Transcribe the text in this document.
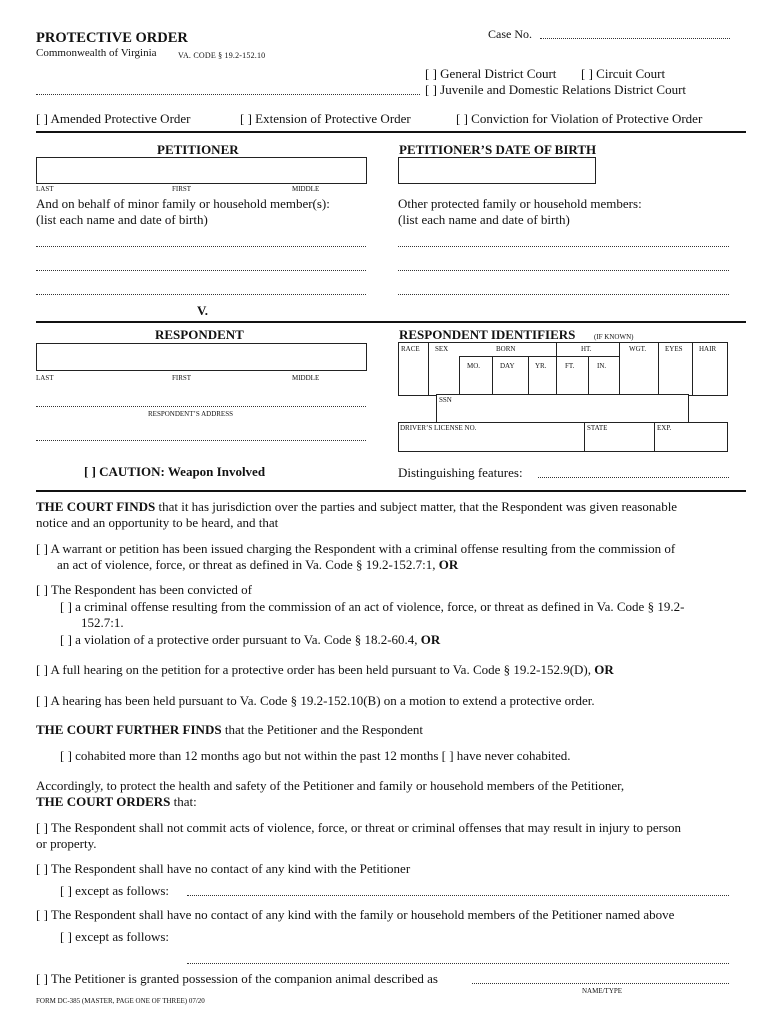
PROTECTIVE ORDER
Commonwealth of Virginia	VA. CODE § 19.2-152.10
Case No.
[ ] General District Court [ ] Circuit Court
[ ] Juvenile and Domestic Relations District Court
[ ] Amended Protective Order	[ ] Extension of Protective Order	[ ] Conviction for Violation of Protective Order
PETITIONER	PETITIONER’S DATE OF BIRTH
LAST	FIRST	MIDDLE
And on behalf of minor family or household member(s):
(list each name and date of birth)
Other protected family or household members:
(list each name and date of birth)
V.
RESPONDENT
LAST	FIRST	MIDDLE
RESPONDENT’S ADDRESS
[ ] CAUTION: Weapon Involved
RESPONDENT IDENTIFIERS	(IF KNOWN)
RACE SEX	BORN	HT.	WGT.	EYES HAIR
MO.	DAY	YR.	FT.	IN.
SSN
DRIVER’S LICENSE NO.	STATE	EXP.
Distinguishing features:

THE COURT FINDS that it has jurisdiction over the parties and subject matter, that the Respondent was given reasonable

notice and an opportunity to be heard, and that

[ ] A warrant or petition has been issued charging the Respondent with a criminal offense resulting from the commission of

an act of violence, force, or threat as defined in Va. Code § 19.2-152.7:1, OR

[ ] The Respondent has been convicted of

[ ] a criminal offense resulting from the commission of an act of violence, force, or threat as defined in Va. Code § 19.2-

152.7:1.

[ ] a violation of a protective order pursuant to Va. Code § 18.2-60.4, OR

[ ] A full hearing on the petition for a protective order has been held pursuant to Va. Code § 19.2-152.9(D), OR

[ ] A hearing has been held pursuant to Va. Code § 19.2-152.10(B) on a motion to extend a protective order.

THE COURT FURTHER FINDS that the Petitioner and the Respondent

[ ] cohabited more than 12 months ago but not within the past 12 months [ ] have never cohabited.

Accordingly, to protect the health and safety of the Petitioner and family or household members of the Petitioner,

THE COURT ORDERS that:

[ ] The Respondent shall not commit acts of violence, force, or threat or criminal offenses that may result in injury to person

or property.

[ ] The Respondent shall have no contact of any kind with the Petitioner

[ ] except as follows:

[ ] The Respondent shall have no contact of any kind with the family or household members of the Petitioner named above

[ ] except as follows:

[ ] The Petitioner is granted possession of the companion animal described as

NAME/TYPE
FORM DC-385 (MASTER, PAGE ONE OF THREE) 07/20
